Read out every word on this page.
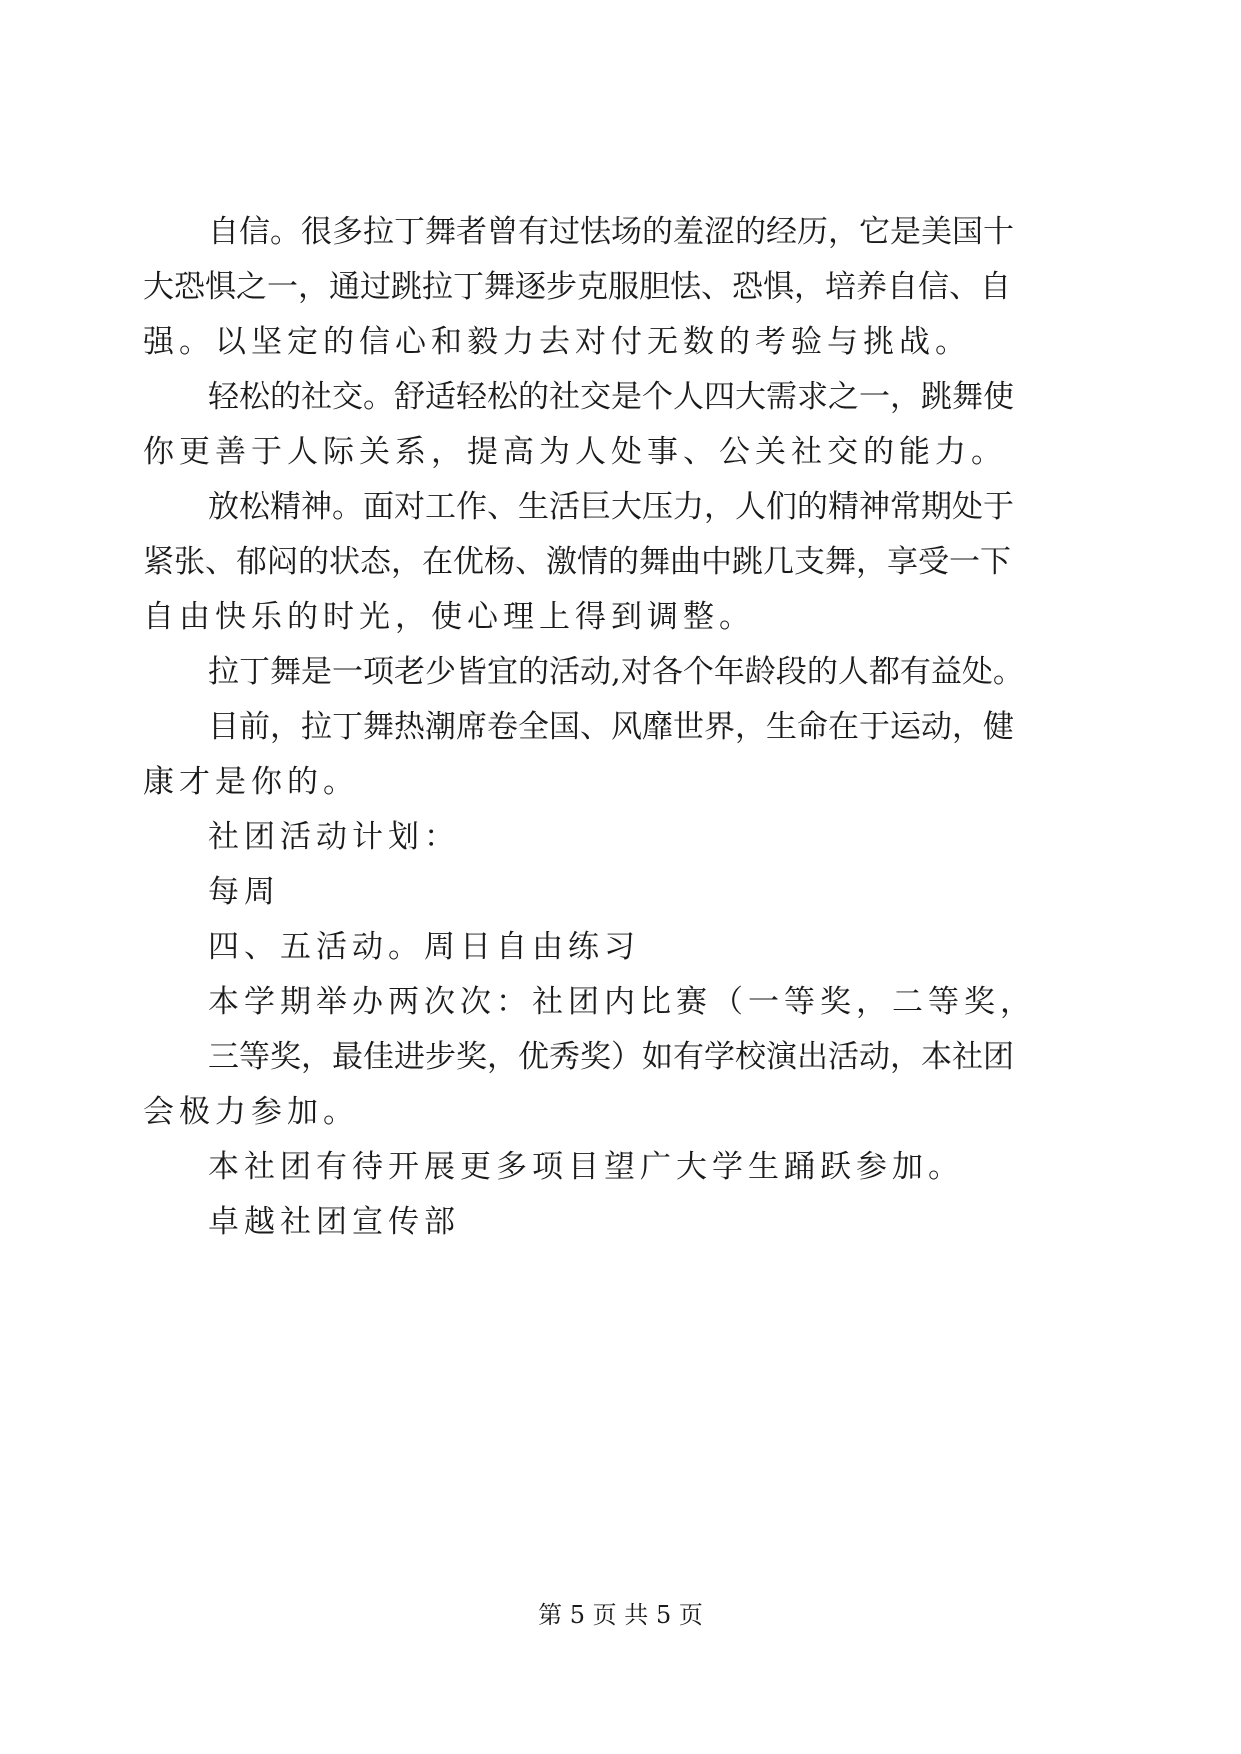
自信。很多拉丁舞者曾有过怯场的羞涩的经历，它是美国十
大恐惧之一，通过跳拉丁舞逐步克服胆怯、恐惧，培养自信、自
强。以坚定的信心和毅力去对付无数的考验与挑战。
轻松的社交。舒适轻松的社交是个人四大需求之一，跳舞使
你更善于人际关系，提高为人处事、公关社交的能力。
放松精神。面对工作、生活巨大压力，人们的精神常期处于
紧张、郁闷的状态，在优杨、激情的舞曲中跳几支舞，享受一下
自由快乐的时光，使心理上得到调整。
拉丁舞是一项老少皆宜的活动,对各个年龄段的人都有益处。
目前，拉丁舞热潮席卷全国、风靡世界，生命在于运动，健
康才是你的。
社团活动计划：
每周
四、五活动。周日自由练习
本学期举办两次次：社团内比赛（一等奖，二等奖，
三等奖，最佳进步奖，优秀奖）如有学校演出活动，本社团
会极力参加。
本社团有待开展更多项目望广大学生踊跃参加。
卓越社团宣传部
第 5 页 共 5 页
